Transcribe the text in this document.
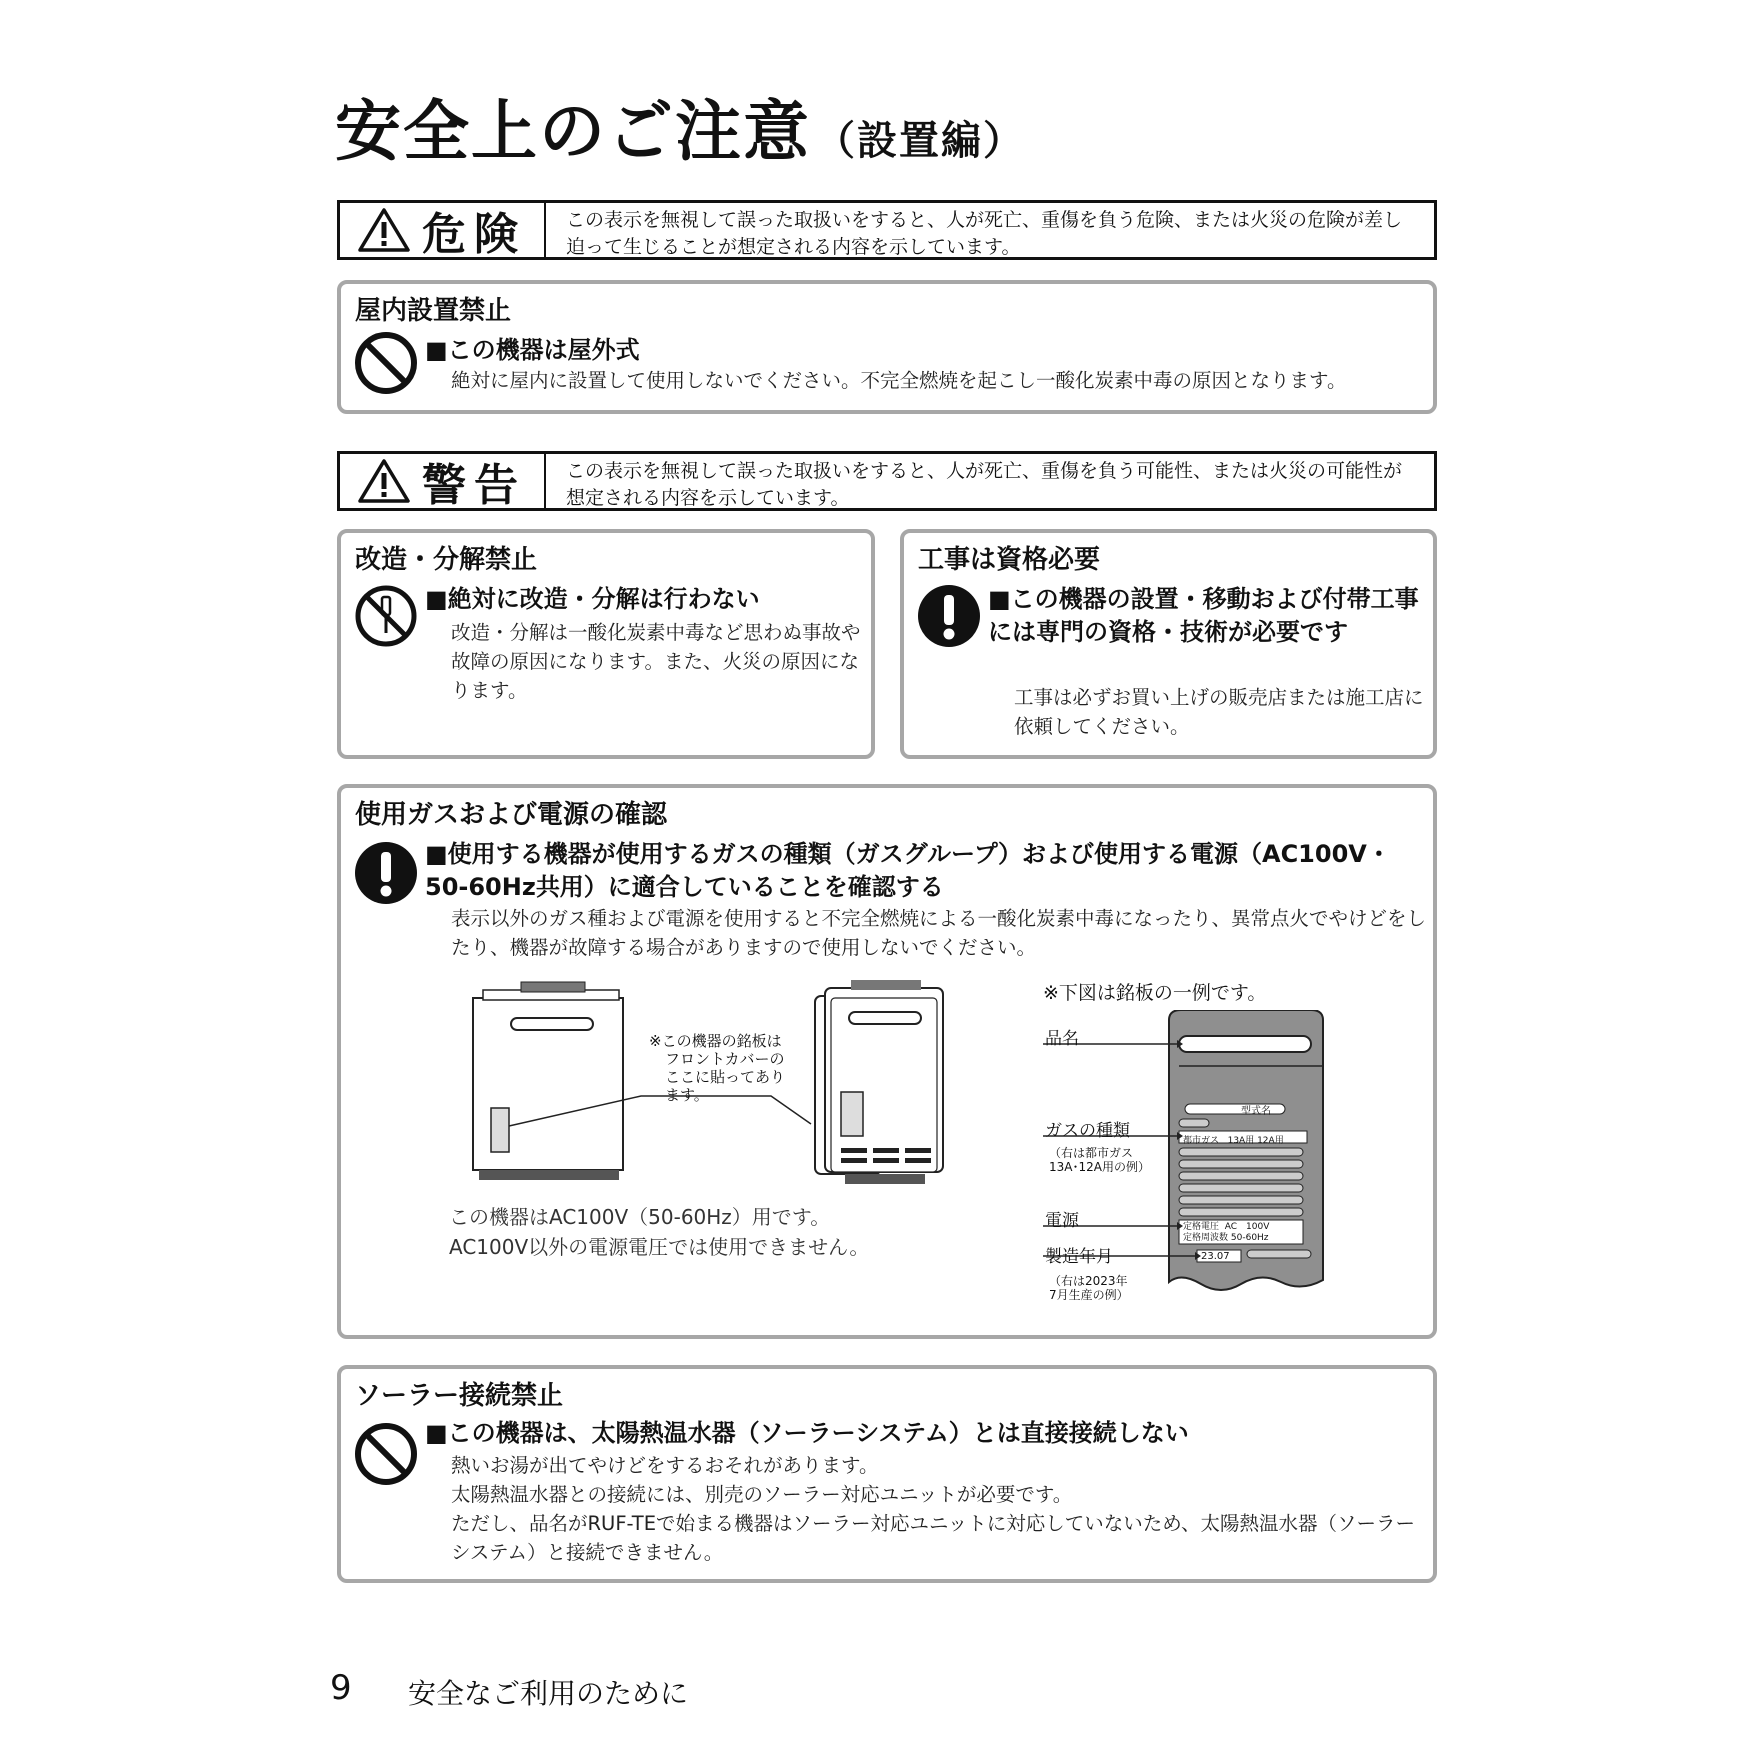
安全上のご注意 （設置編）
危険	この表示を無視して誤った取扱いをすると、人が死亡、重傷を負う危険、または火災の危険が差し迫って生じることが想定される内容を示しています。
屋内設置禁止
■この機器は屋外式
絶対に屋内に設置して使用しないでください。不完全燃焼を起こし一酸化炭素中毒の原因となります。
警告	この表示を無視して誤った取扱いをすると、人が死亡、重傷を負う可能性、または火災の可能性が想定される内容を示しています。
改造・分解禁止
■絶対に改造・分解は行わない
改造・分解は一酸化炭素中毒など思わぬ事故や故障の原因になります。また、火災の原因になります。
工事は資格必要
■この機器の設置・移動および付帯工事には専門の資格・技術が必要です
工事は必ずお買い上げの販売店または施工店に依頼してください。
使用ガスおよび電源の確認
■使用する機器が使用するガスの種類（ガスグループ）および使用する電源（AC100V・50-60Hz共用）に適合していることを確認する
表示以外のガス種および電源を使用すると不完全燃焼による一酸化炭素中毒になったり、異常点火でやけどをしたり、機器が故障する場合がありますので使用しないでください。
※この機器の銘板は
フロントカバーの
ここに貼ってあり
ます。
この機器はAC100V（50-60Hz）用です。
AC100V以外の電源電圧では使用できません。
※下図は銘板の一例です。
品名
型式名
ガスの種類
（右は都市ガス
13A･12A用の例）
都市ガス 13A用 12A用
電源	定格電圧 AC　100V
定格周波数 50-60Hz
製造年月	23.07
（右は2023年
7月生産の例）
ソーラー接続禁止
■この機器は、太陽熱温水器（ソーラーシステム）とは直接接続しない
熱いお湯が出てやけどをするおそれがあります。
太陽熱温水器との接続には、別売のソーラー対応ユニットが必要です。
ただし、品名がRUF-TEで始まる機器はソーラー対応ユニットに対応していないため、太陽熱温水器（ソーラーシステム）と接続できません。
9 安全なご利用のために
